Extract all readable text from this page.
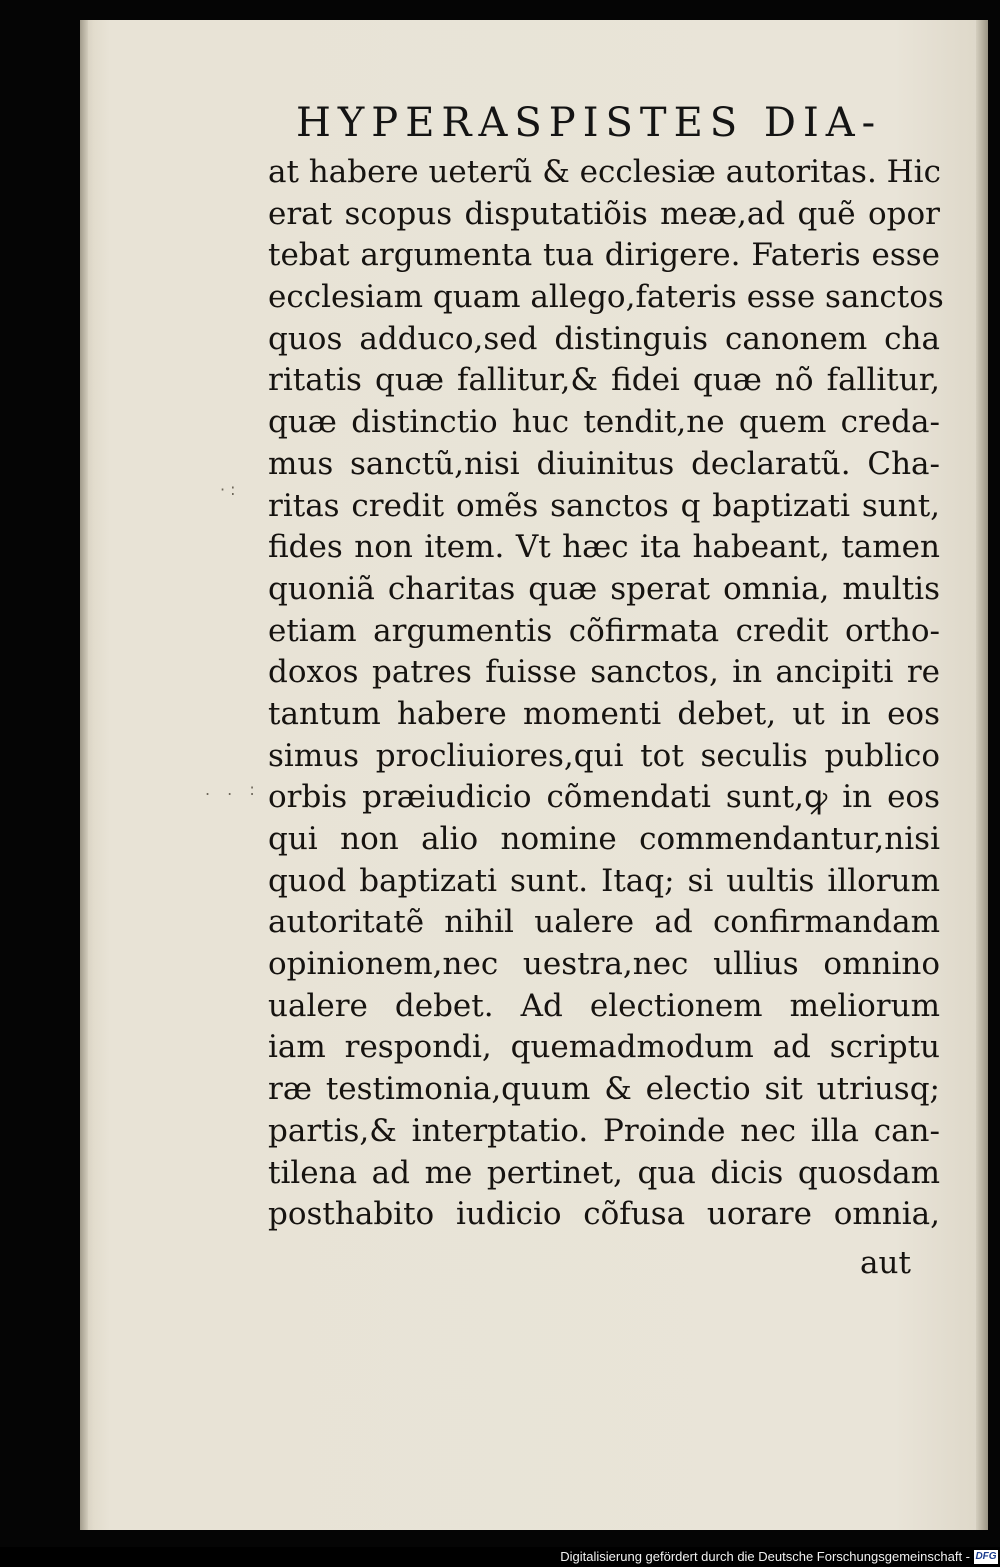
HYPERASPISTES DIA-
· :
. . :
at habere ueterũ & ecclesiæ autoritas. Hic
erat scopus disputatiõis meæ,ad quẽ opor
tebat argumenta tua dirigere. Fateris esse
ecclesiam quam allego,fateris esse sanctos
quos adduco,sed distinguis canonem cha
ritatis quæ fallitur,& fidei quæ nõ fallitur,
quæ distinctio huc tendit,ne quem creda-
mus sanctũ,nisi diuinitus declaratũ. Cha-
ritas credit omẽs sanctos q baptizati sunt,
fides non item. Vt hæc ita habeant, tamen
quoniã charitas quæ sperat omnia, multis
etiam argumentis cõfirmata credit ortho-
doxos patres fuisse sanctos, in ancipiti re
tantum habere momenti debet, ut in eos
simus procliuiores,qui tot seculis publico
orbis præiudicio cõmendati sunt,ꝙ in eos
qui non alio nomine commendantur,nisi
quod baptizati sunt. Itaq; si uultis illorum
autoritatẽ nihil ualere ad confirmandam
opinionem,nec uestra,nec ullius omnino
ualere debet. Ad electionem meliorum
iam respondi, quemadmodum ad scriptu
ræ testimonia,quum & electio sit utriusq;
partis,& interptatio. Proinde nec illa can-
tilena ad me pertinet, qua dicis quosdam
posthabito iudicio cõfusa uorare omnia,
aut
Digitalisierung gefördert durch die Deutsche Forschungsgemeinschaft - DFG
